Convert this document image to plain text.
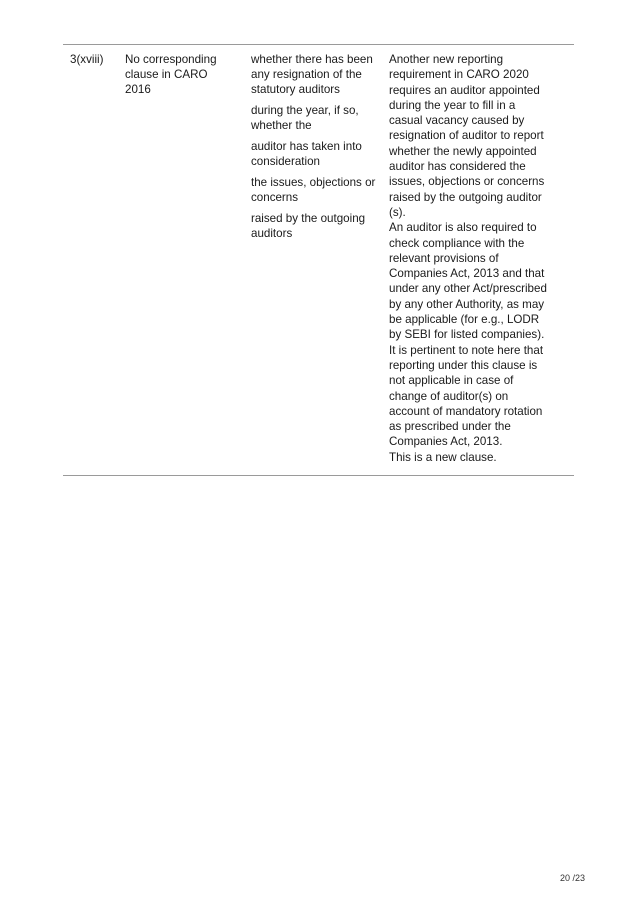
3(xviii)	No corresponding

clause in CARO

2016

whether there has been any resignation of the statutory auditors

during the year, if so, whether the

auditor has taken into consideration

the issues, objections or concerns

raised by the outgoing auditors

Another new reporting
requirement in CARO 2020
requires an auditor appointed
during the year to fill in a
casual vacancy caused by
resignation of auditor to report
whether the newly appointed
auditor has considered the
issues, objections or concerns
raised by the outgoing auditor
(s).
An auditor is also required to
check compliance with the
relevant provisions of
Companies Act, 2013 and that
under any other Act/prescribed
by any other Authority, as may
be applicable (for e.g., LODR
by SEBI for listed companies).
It is pertinent to note here that
reporting under this clause is
not applicable in case of
change of auditor(s) on
account of mandatory rotation
as prescribed under the
Companies Act, 2013.
This is a new clause.
20 /23
